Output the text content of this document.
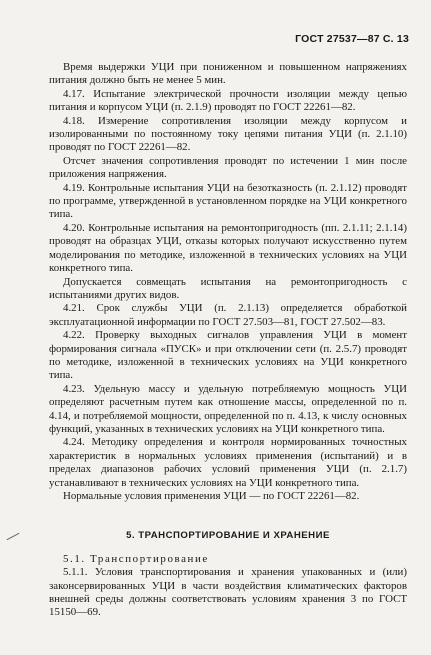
ГОСТ 27537—87 С. 13

Время выдержки УЦИ при пониженном и повышенном напряжениях питания должно быть не менее 5 мин.

4.17. Испытание электрической прочности изоляции между цепью питания и корпусом УЦИ (п. 2.1.9) проводят по ГОСТ 22261—82.

4.18. Измерение сопротивления изоляции между корпусом и изолированными по постоянному току цепями питания УЦИ (п. 2.1.10) проводят по ГОСТ 22261—82.

Отсчет значения сопротивления проводят по истечении 1 мин после приложения напряжения.

4.19. Контрольные испытания УЦИ на безотказность (п. 2.1.12) проводят по программе, утвержденной в установленном порядке на УЦИ конкретного типа.

4.20. Контрольные испытания на ремонтопригодность (пп. 2.1.11; 2.1.14) проводят на образцах УЦИ, отказы которых получают искусственно путем моделирования по методике, изложенной в технических условиях на УЦИ конкретного типа.

Допускается совмещать испытания на ремонтопригодность с испытаниями других видов.

4.21. Срок службы УЦИ (п. 2.1.13) определяется обработкой эксплуатационной информации по ГОСТ 27.503—81, ГОСТ 27.502—83.

4.22. Проверку выходных сигналов управления УЦИ в момент формирования сигнала «ПУСК» и при отключении сети (п. 2.5.7) проводят по методике, изложенной в технических условиях на УЦИ конкретного типа.

4.23. Удельную массу и удельную потребляемую мощность УЦИ определяют расчетным путем как отношение массы, определенной по п. 4.14, и потребляемой мощности, определенной по п. 4.13, к числу основных функций, указанных в технических условиях на УЦИ конкретного типа.

4.24. Методику определения и контроля нормированных точностных характеристик в нормальных условиях применения (испытаний) и в пределах диапазонов рабочих условий применения УЦИ (п. 2.1.7) устанавливают в технических условиях на УЦИ конкретного типа.

Нормальные условия применения УЦИ — по ГОСТ 22261—82.

5. ТРАНСПОРТИРОВАНИЕ И ХРАНЕНИЕ

5.1. Транспортирование

5.1.1. Условия транспортирования и хранения упакованных и (или) законсервированных УЦИ в части воздействия климатических факторов внешней среды должны соответствовать условиям хранения 3 по ГОСТ 15150—69.
